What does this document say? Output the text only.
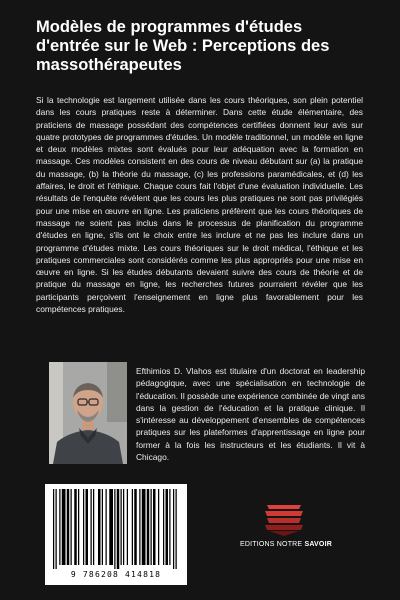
Modèles de programmes d'études d'entrée sur le Web : Perceptions des massothérapeutes

Si la technologie est largement utilisée dans les cours théoriques, son plein potentiel dans les cours pratiques reste à déterminer. Dans cette étude élémentaire, des praticiens de massage possédant des compétences certifiées donnent leur avis sur quatre prototypes de programmes d'études. Un modèle traditionnel, un modèle en ligne et deux modèles mixtes sont évalués pour leur adéquation avec la formation en massage. Ces modèles consistent en des cours de niveau débutant sur (a) la pratique du massage, (b) la théorie du massage, (c) les professions paramédicales, et (d) les affaires, le droit et l'éthique. Chaque cours fait l'objet d'une évaluation individuelle. Les résultats de l'enquête révèlent que les cours les plus pratiques ne sont pas privilégiés pour une mise en œuvre en ligne. Les praticiens préfèrent que les cours théoriques de massage ne soient pas inclus dans le processus de planification du programme d'études en ligne, s'ils ont le choix entre les inclure et ne pas les inclure dans un programme d'études mixte. Les cours théoriques sur le droit médical, l'éthique et les pratiques commerciales sont considérés comme les plus appropriés pour une mise en œuvre en ligne. Si les études débutants devaient suivre des cours de théorie et de pratique du massage en ligne, les recherches futures pourraient révéler que les participants perçoivent l'enseignement en ligne plus favorablement pour les compétences pratiques.

Efthimios D. Vlahos est titulaire d'un doctorat en leadership pédagogique, avec une spécialisation en technologie de l'éducation. Il possède une expérience combinée de vingt ans dans la gestion de l'éducation et la pratique clinique. Il s'intéresse au développement d'ensembles de compétences pratiques sur les plateformes d'apprentissage en ligne pour former à la fois les instructeurs et les étudiants. Il vit à Chicago.

9 786208 414818
EDITIONS NOTRE SAVOIR
